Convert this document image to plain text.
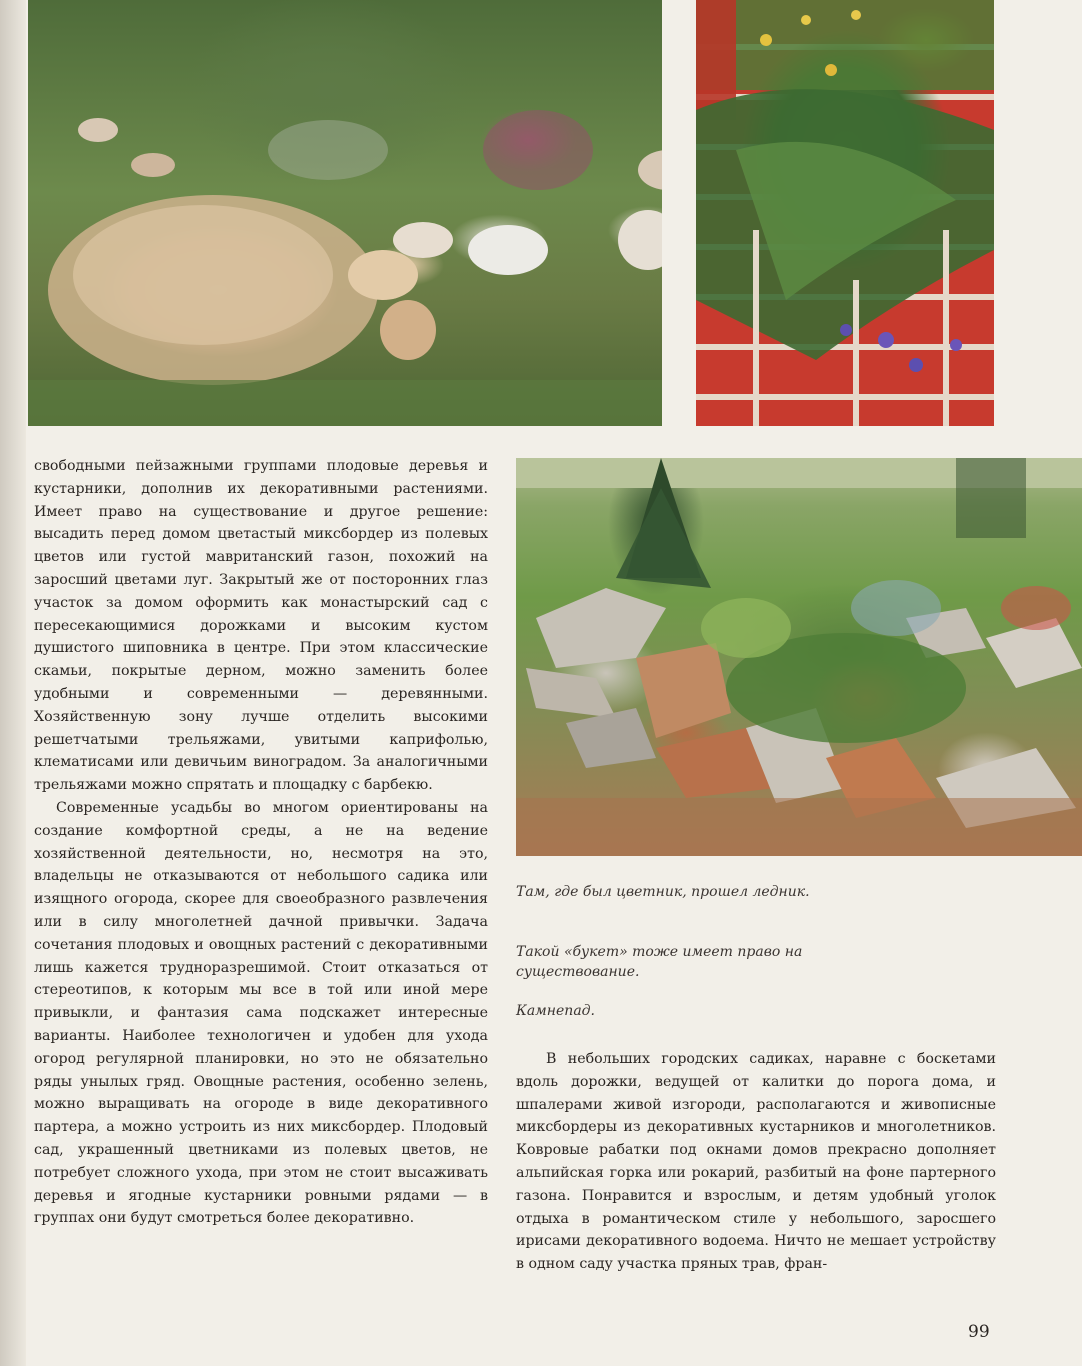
свободными пейзажными группами плодовые деревья и кустарники, дополнив их декоративными растениями. Имеет право на существование и другое решение: высадить перед домом цветастый миксбордер из полевых цветов или густой мавританский газон, похожий на заросший цветами луг. Закрытый же от посторонних глаз участок за домом оформить как монастырский сад с пересекающимися дорожками и высоким кустом душистого шиповника в центре. При этом классические скамьи, покрытые дерном, можно заменить более удобными и современными — деревянными. Хозяйственную зону лучше отделить высокими решетчатыми трельяжами, увитыми каприфолью, клематисами или девичьим виноградом. За аналогичными трельяжами можно спрятать и площадку с барбекю.

Современные усадьбы во многом ориентированы на создание комфортной среды, а не на ведение хозяйственной деятельности, но, несмотря на это, владельцы не отказываются от небольшого садика или изящного огорода, скорее для своеобразного развлечения или в силу многолетней дачной привычки. Задача сочетания плодовых и овощных растений с декоративными лишь кажется трудноразрешимой. Стоит отказаться от стереотипов, к которым мы все в той или иной мере привыкли, и фантазия сама подскажет интересные варианты. Наиболее технологичен и удобен для ухода огород регулярной планировки, но это не обязательно ряды унылых гряд. Овощные растения, особенно зелень, можно выращивать на огороде в виде декоративного партера, а можно устроить из них миксбордер. Плодовый сад, украшенный цветниками из полевых цветов, не потребует сложного ухода, при этом не стоит высаживать деревья и ягодные кустарники ровными рядами — в группах они будут смотреться более декоративно.

Там, где был цветник, прошел ледник.

Такой «букет» тоже имеет право на существование.

Камнепад.

В небольших городских садиках, наравне с боскетами вдоль дорожки, ведущей от калитки до порога дома, и шпалерами живой изгороди, располагаются и живописные миксбордеры из декоративных кустарников и многолетников. Ковровые рабатки под окнами домов прекрасно дополняет альпийская горка или рокарий, разбитый на фоне партерного газона. Понравится и взрослым, и детям удобный уголок отдыха в романтическом стиле у небольшого, заросшего ирисами декоративного водоема. Ничто не мешает устройству в одном саду участка пряных трав, фран-

99
